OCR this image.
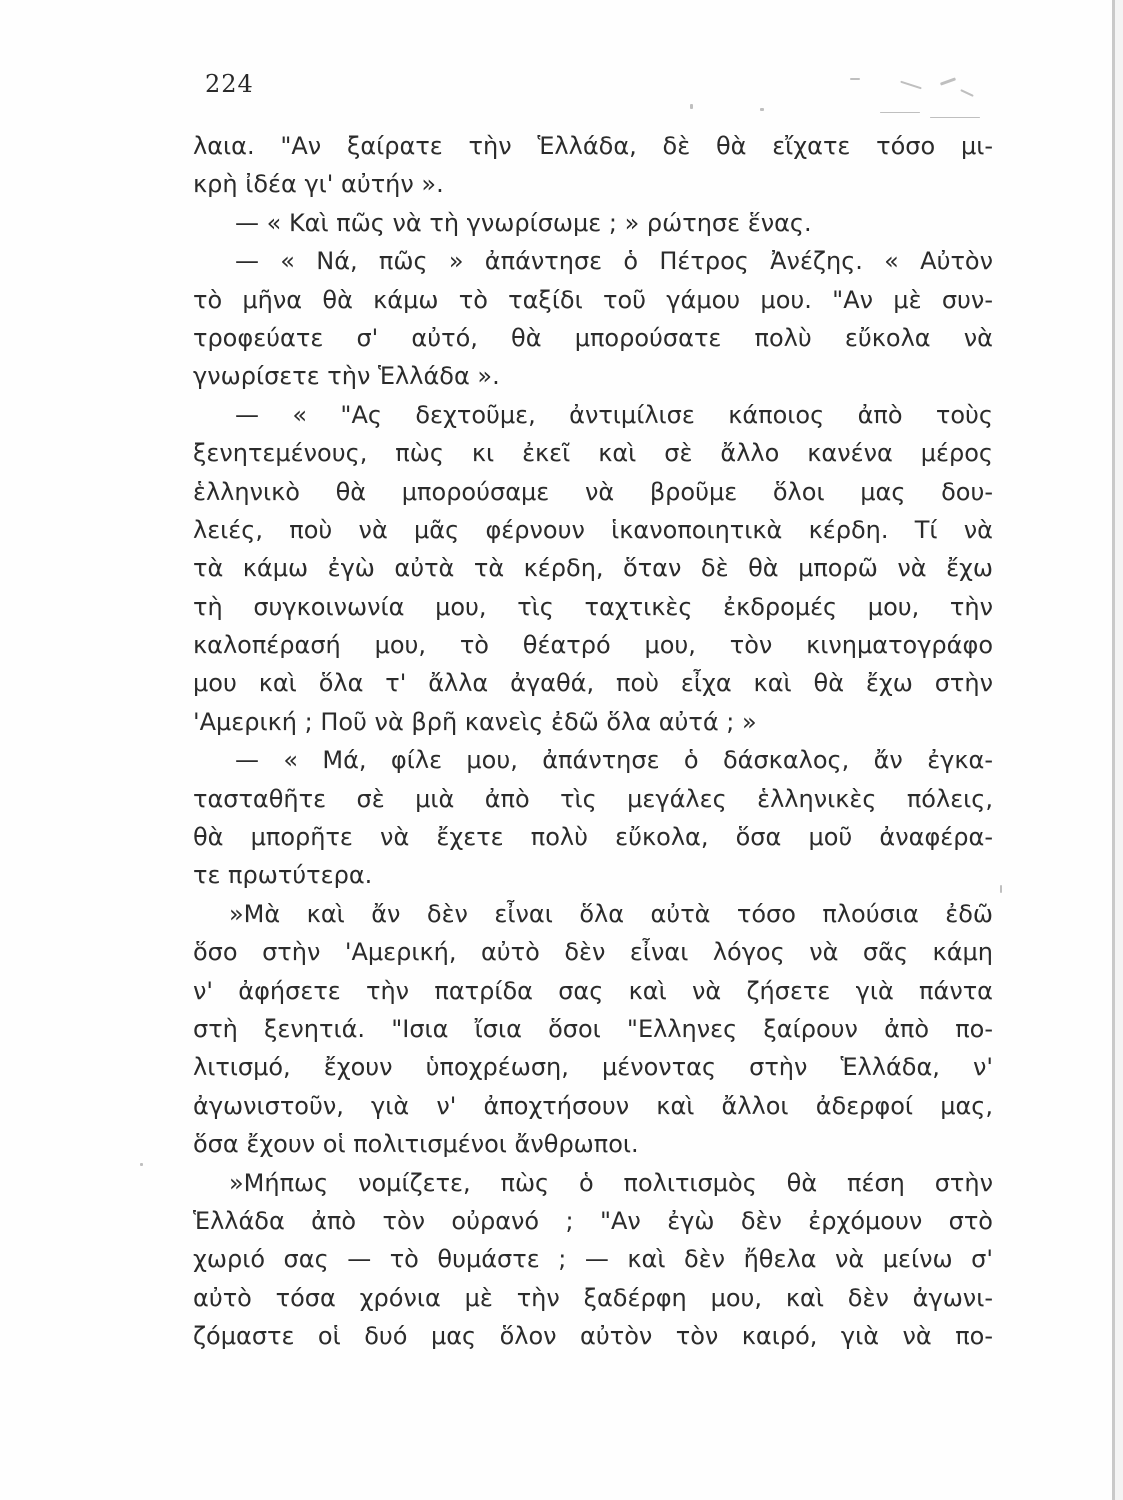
224
λαια. "Αν ξαίρατε τὴν Ἑλλάδα, δὲ θὰ εἴχατε τόσο μι-
κρὴ ἰδέα γι' αὐτήν ».
— « Καὶ πῶς νὰ τὴ γνωρίσωμε ; » ρώτησε ἕνας.
— « Νά, πῶς » ἀπάντησε ὁ Πέτρος Ἀνέζης. « Αὐτὸν
τὸ μῆνα θὰ κάμω τὸ ταξίδι τοῦ γάμου μου. "Αν μὲ συν-
τροφεύατε σ' αὐτό, θὰ μπορούσατε πολὺ εὔκολα νὰ
γνωρίσετε τὴν Ἑλλάδα ».
— « "Ας δεχτοῦμε, ἀντιμίλισε κάποιος ἀπὸ τοὺς
ξενητεμένους, πὼς κι ἐκεῖ καὶ σὲ ἄλλο κανένα μέρος
ἑλληνικὸ θὰ μπορούσαμε νὰ βροῦμε ὅλοι μας δου-
λειές, ποὺ νὰ μᾶς φέρνουν ἱκανοποιητικὰ κέρδη. Τί νὰ
τὰ κάμω ἐγὼ αὐτὰ τὰ κέρδη, ὅταν δὲ θὰ μπορῶ νὰ ἔχω
τὴ συγκοινωνία μου, τὶς ταχτικὲς ἐκδρομές μου, τὴν
καλοπέρασή μου, τὸ θέατρό μου, τὸν κινηματογράφο
μου καὶ ὅλα τ' ἄλλα ἀγαθά, ποὺ εἶχα καὶ θὰ ἔχω στὴν
'Αμερική ; Ποῦ νὰ βρῆ κανεὶς ἐδῶ ὅλα αὐτά ; »
— « Μά, φίλε μου, ἀπάντησε ὁ δάσκαλος, ἄν ἐγκα-
τασταθῆτε σὲ μιὰ ἀπὸ τὶς μεγάλες ἑλληνικὲς πόλεις,
θὰ μπορῆτε νὰ ἔχετε πολὺ εὔκολα, ὅσα μοῦ ἀναφέρα-
τε πρωτύτερα.
»Μὰ καὶ ἄν δὲν εἶναι ὅλα αὐτὰ τόσο πλούσια ἐδῶ
ὅσο στὴν 'Αμερική, αὐτὸ δὲν εἶναι λόγος νὰ σᾶς κάμη
ν' ἀφήσετε τὴν πατρίδα σας καὶ νὰ ζήσετε γιὰ πάντα
στὴ ξενητιά. "Ισια ἴσια ὅσοι "Ελληνες ξαίρουν ἀπὸ πο-
λιτισμό, ἔχουν ὑποχρέωση, μένοντας στὴν Ἑλλάδα, ν'
ἀγωνιστοῦν, γιὰ ν' ἀποχτήσουν καὶ ἄλλοι ἀδερφοί μας,
ὅσα ἔχουν οἱ πολιτισμένοι ἄνθρωποι.
»Μήπως νομίζετε, πὼς ὁ πολιτισμὸς θὰ πέση στὴν
Ἑλλάδα ἀπὸ τὸν οὐρανό ; "Αν ἐγὼ δὲν ἐρχόμουν στὸ
χωριό σας — τὸ θυμάστε ; — καὶ δὲν ἤθελα νὰ μείνω σ'
αὐτὸ τόσα χρόνια μὲ τὴν ξαδέρφη μου, καὶ δὲν ἀγωνι-
ζόμαστε οἱ δυό μας ὅλον αὐτὸν τὸν καιρό, γιὰ νὰ πο-
